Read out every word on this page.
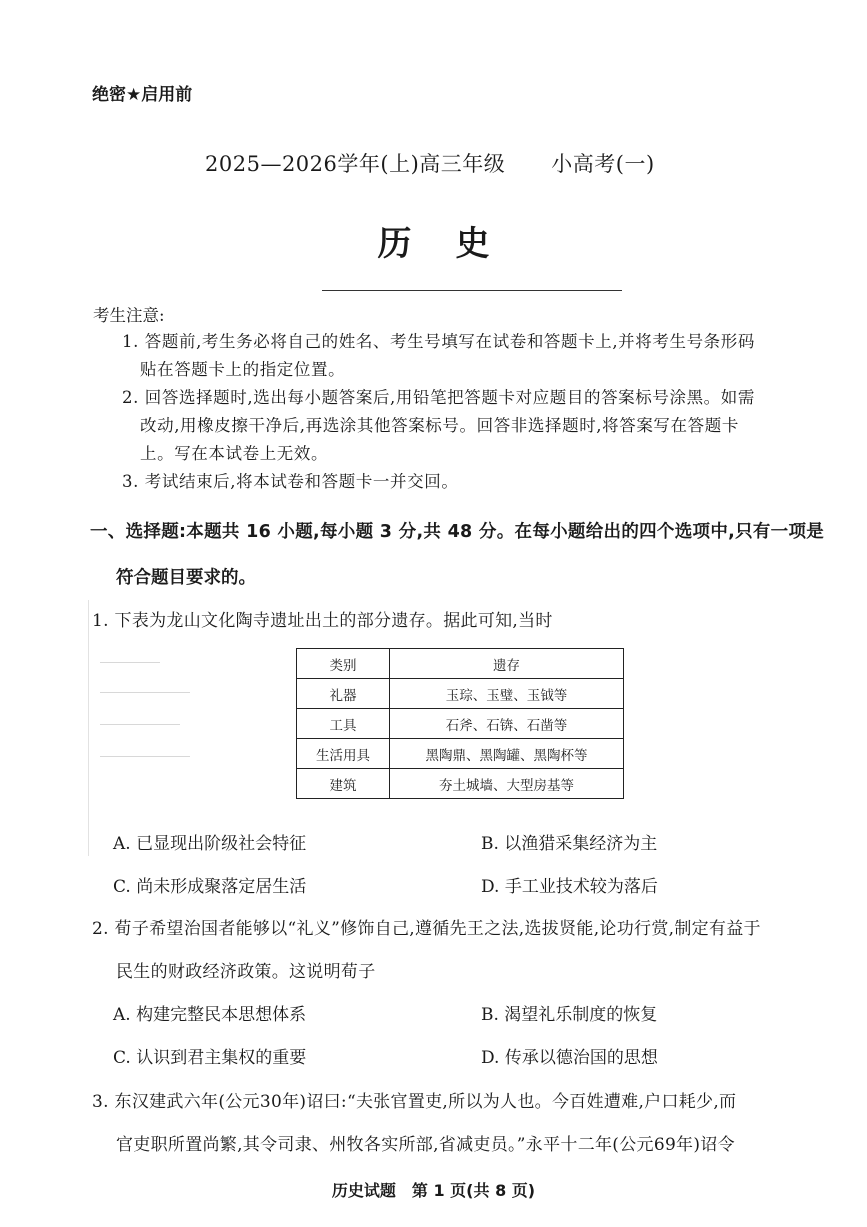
绝密★启用前
2025—2026学年(上)高三年级 小高考(一)
历史
考生注意:
1. 答题前,考生务必将自己的姓名、考生号填写在试卷和答题卡上,并将考生号条形码
贴在答题卡上的指定位置。
2. 回答选择题时,选出每小题答案后,用铅笔把答题卡对应题目的答案标号涂黑。如需
改动,用橡皮擦干净后,再选涂其他答案标号。回答非选择题时,将答案写在答题卡
上。写在本试卷上无效。
3. 考试结束后,将本试卷和答题卡一并交回。
一、选择题:本题共 16 小题,每小题 3 分,共 48 分。在每小题给出的四个选项中,只有一项是
符合题目要求的。
1. 下表为龙山文化陶寺遗址出土的部分遗存。据此可知,当时
类别	遗存
礼器	玉琮、玉璧、玉钺等
工具	石斧、石锛、石凿等
生活用具	黑陶鼎、黑陶罐、黑陶杯等
建筑	夯土城墙、大型房基等
A. 已显现出阶级社会特征	B. 以渔猎采集经济为主
C. 尚未形成聚落定居生活	D. 手工业技术较为落后
2. 荀子希望治国者能够以“礼义”修饰自己,遵循先王之法,选拔贤能,论功行赏,制定有益于
民生的财政经济政策。这说明荀子
A. 构建完整民本思想体系	B. 渴望礼乐制度的恢复
C. 认识到君主集权的重要	D. 传承以德治国的思想
3. 东汉建武六年(公元30年)诏曰:“夫张官置吏,所以为人也。今百姓遭难,户口耗少,而
官吏职所置尚繁,其令司隶、州牧各实所部,省减吏员。”永平十二年(公元69年)诏令
历史试题　第 1 页(共 8 页)
